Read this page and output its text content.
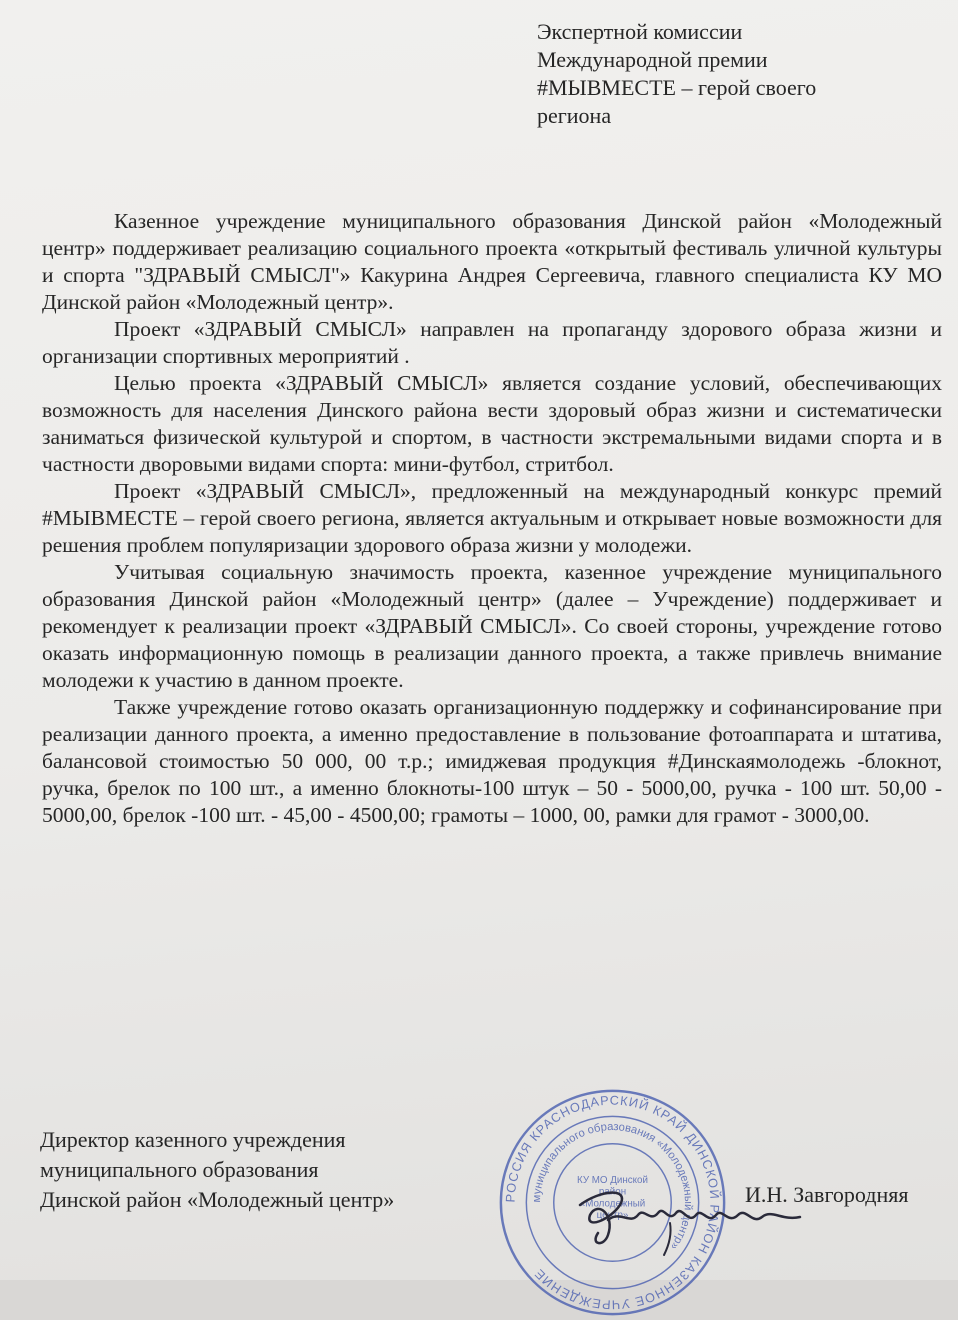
Экспертной комиссии
Международной премии
#МЫВМЕСТЕ – герой своего
региона

Казенное учреждение муниципального образования Динской район «Молодежный центр» поддерживает реализацию социального проекта «открытый фестиваль уличной культуры и спорта "ЗДРАВЫЙ СМЫСЛ"» Какурина Андрея Сергеевича, главного специалиста КУ МО Динской район «Молодежный центр».

Проект «ЗДРАВЫЙ СМЫСЛ» направлен на пропаганду здорового образа жизни и организации спортивных мероприятий .

Целью проекта «ЗДРАВЫЙ СМЫСЛ» является создание условий, обеспечивающих возможность для населения Динского района вести здоровый образ жизни и систематически заниматься физической культурой и спортом, в частности экстремальными видами спорта и в частности дворовыми видами спорта: мини-футбол, стритбол.

Проект «ЗДРАВЫЙ СМЫСЛ», предложенный на международный конкурс премий #МЫВМЕСТЕ – герой своего региона, является актуальным и открывает новые возможности для решения проблем популяризации здорового образа жизни у молодежи.

Учитывая социальную значимость проекта, казенное учреждение муниципального образования Динской район «Молодежный центр» (далее – Учреждение) поддерживает и рекомендует к реализации проект «ЗДРАВЫЙ СМЫСЛ». Со своей стороны, учреждение готово оказать информационную помощь в реализации данного проекта, а также привлечь внимание молодежи к участию в данном проекте.

Также учреждение готово оказать организационную поддержку и софинансирование при реализации данного проекта, а именно предоставление в пользование фотоаппарата и штатива, балансовой стоимостью 50 000, 00 т.р.; имиджевая продукция #Динскаямолодежь -блокнот, ручка, брелок по 100 шт., а именно блокноты-100 штук – 50 - 5000,00, ручка - 100 шт. 50,00 - 5000,00, брелок -100 шт. - 45,00 - 4500,00; грамоты – 1000, 00, рамки для грамот - 3000,00.

Директор казенного учреждения
муниципального образования
Динской район «Молодежный центр»	РОССИЯ КРАСНОДАРСКИЙ КРАЙ ДИНСКОЙ РАЙОН КАЗЕННОЕ УЧРЕЖДЕНИЕ
муниципального образования «Молодежный центр»
КУ МО Динской район «Молодежный центр»
И.Н. Завгородняя
